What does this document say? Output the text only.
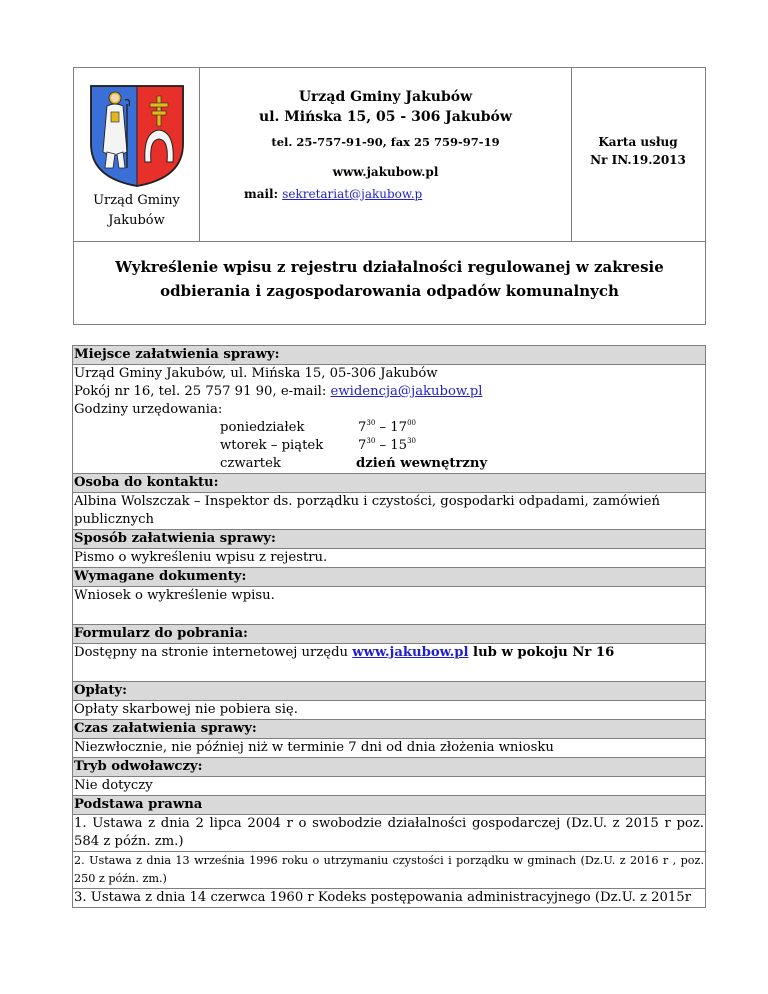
Urząd Gminy
Jakubów
Urząd Gminy Jakubów
ul. Mińska 15, 05 - 306 Jakubów
tel. 25-757-91-90, fax 25 759-97-19
www.jakubow.pl
mail: sekretariat@jakubow.p
Karta usług
Nr IN.19.2013
Wykreślenie wpisu z rejestru działalności regulowanej w zakresie
odbierania i zagospodarowania odpadów komunalnych
Miejsce załatwienia sprawy:
Urząd Gminy Jakubów, ul. Mińska 15, 05-306 Jakubów
Pokój nr 16, tel. 25 757 91 90, e-mail: ewidencja@jakubow.pl
Godziny urzędowania:
poniedziałek	$7^{30} - 17^{00}$
wtorek – piątek	$7^{30} - 15^{30}$
czwartek	dzień wewnętrzny
Osoba do kontaktu:
Albina Wolszczak – Inspektor ds. porządku i czystości, gospodarki odpadami, zamówień publicznych
Sposób załatwienia sprawy:
Pismo o wykreśleniu wpisu z rejestru.
Wymagane dokumenty:
Wniosek o wykreślenie wpisu.
Formularz do pobrania:
Dostępny na stronie internetowej urzędu www.jakubow.pl lub w pokoju Nr 16
Opłaty:
Opłaty skarbowej nie pobiera się.
Czas załatwienia sprawy:
Niezwłocznie, nie później niż w terminie 7 dni od dnia złożenia wniosku
Tryb odwoławczy:
Nie dotyczy
Podstawa prawna
1. Ustawa z dnia 2 lipca 2004 r o swobodzie działalności gospodarczej (Dz.U. z 2015 r poz. 584 z późn. zm.)
2. Ustawa z dnia 13 września 1996 roku o utrzymaniu czystości i porządku w gminach (Dz.U. z 2016 r , poz. 250 z późn. zm.)
3. Ustawa z dnia 14 czerwca 1960 r Kodeks postępowania administracyjnego (Dz.U. z 2015r
